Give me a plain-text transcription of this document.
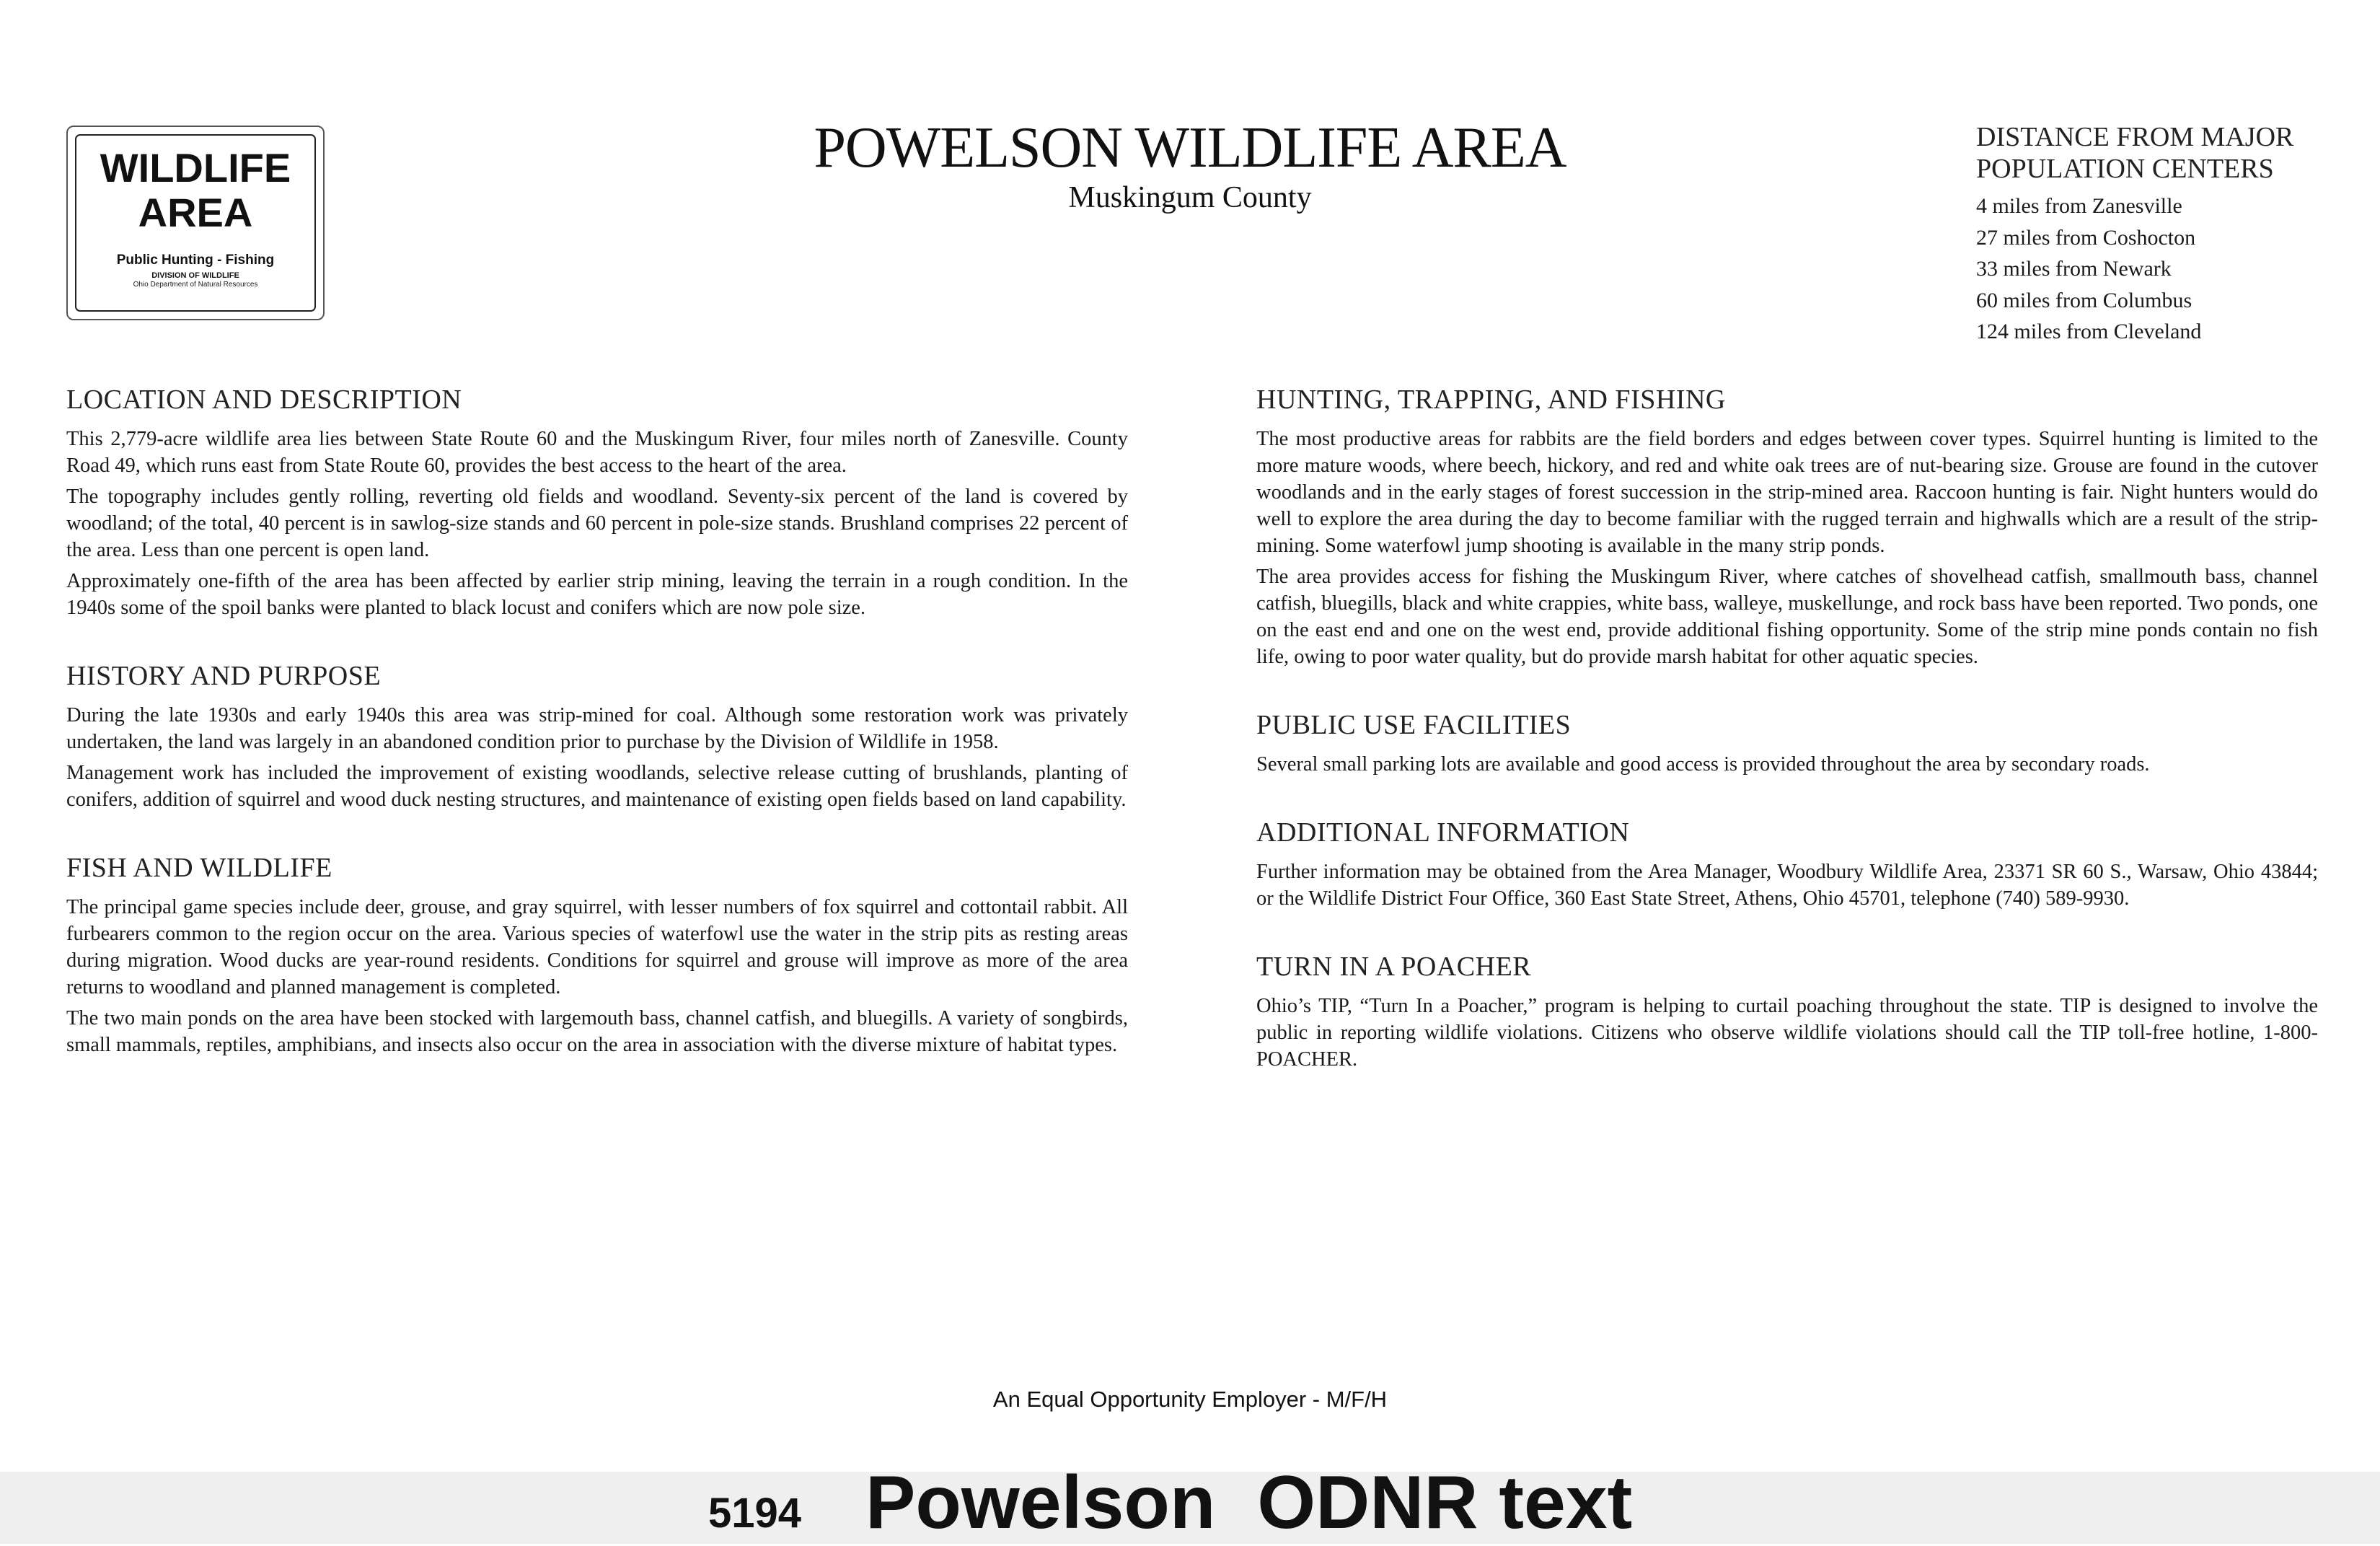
WILDLIFE
AREA
Public Hunting - Fishing
DIVISION OF WILDLIFE
Ohio Department of Natural Resources
POWELSON WILDLIFE AREA
Muskingum County
DISTANCE FROM MAJOR
POPULATION CENTERS
4 miles from Zanesville
27 miles from Coshocton
33 miles from Newark
60 miles from Columbus
124 miles from Cleveland
LOCATION AND DESCRIPTION

This 2,779-acre wildlife area lies between State Route 60 and the Muskingum River, four miles north of Zanesville. County Road 49, which runs east from State Route 60, provides the best access to the heart of the area.

The topography includes gently rolling, reverting old fields and woodland. Seventy-six percent of the land is covered by woodland; of the total, 40 percent is in sawlog-size stands and 60 percent in pole-size stands. Brushland comprises 22 percent of the area. Less than one percent is open land.

Approximately one-fifth of the area has been affected by earlier strip mining, leaving the terrain in a rough condition. In the 1940s some of the spoil banks were planted to black locust and conifers which are now pole size.

HISTORY AND PURPOSE

During the late 1930s and early 1940s this area was strip-mined for coal. Although some restoration work was privately undertaken, the land was largely in an abandoned condition prior to purchase by the Division of Wildlife in 1958.

Management work has included the improvement of existing woodlands, selective release cutting of brushlands, planting of conifers, addition of squirrel and wood duck nesting structures, and maintenance of existing open fields based on land capability.

FISH AND WILDLIFE

The principal game species include deer, grouse, and gray squirrel, with lesser numbers of fox squirrel and cottontail rabbit. All furbearers common to the region occur on the area. Various species of waterfowl use the water in the strip pits as resting areas during migration. Wood ducks are year-round residents. Conditions for squirrel and grouse will improve as more of the area returns to woodland and planned management is completed.

The two main ponds on the area have been stocked with largemouth bass, channel catfish, and bluegills. A variety of songbirds, small mammals, reptiles, amphibians, and insects also occur on the area in association with the diverse mixture of habitat types.

HUNTING, TRAPPING, AND FISHING

The most productive areas for rabbits are the field borders and edges between cover types. Squirrel hunting is limited to the more mature woods, where beech, hickory, and red and white oak trees are of nut-bearing size. Grouse are found in the cutover woodlands and in the early stages of forest succession in the strip-mined area. Raccoon hunting is fair. Night hunters would do well to explore the area during the day to become familiar with the rugged terrain and highwalls which are a result of the strip-mining. Some waterfowl jump shooting is available in the many strip ponds.

The area provides access for fishing the Muskingum River, where catches of shovelhead catfish, smallmouth bass, channel catfish, bluegills, black and white crappies, white bass, walleye, muskellunge, and rock bass have been reported. Two ponds, one on the east end and one on the west end, provide additional fishing opportunity. Some of the strip mine ponds contain no fish life, owing to poor water quality, but do provide marsh habitat for other aquatic species.

PUBLIC USE FACILITIES

Several small parking lots are available and good access is provided throughout the area by secondary roads.

ADDITIONAL INFORMATION

Further information may be obtained from the Area Manager, Woodbury Wildlife Area, 23371 SR 60 S., Warsaw, Ohio 43844; or the Wildlife District Four Office, 360 East State Street, Athens, Ohio 45701, telephone (740) 589-9930.

TURN IN A POACHER

Ohio’s TIP, “Turn In a Poacher,” program is helping to curtail poaching throughout the state. TIP is designed to involve the public in reporting wildlife violations. Citizens who observe wildlife violations should call the TIP toll-free hotline, 1-800-POACHER.

An Equal Opportunity Employer - M/F/H
5194 Powelson  ODNR text
